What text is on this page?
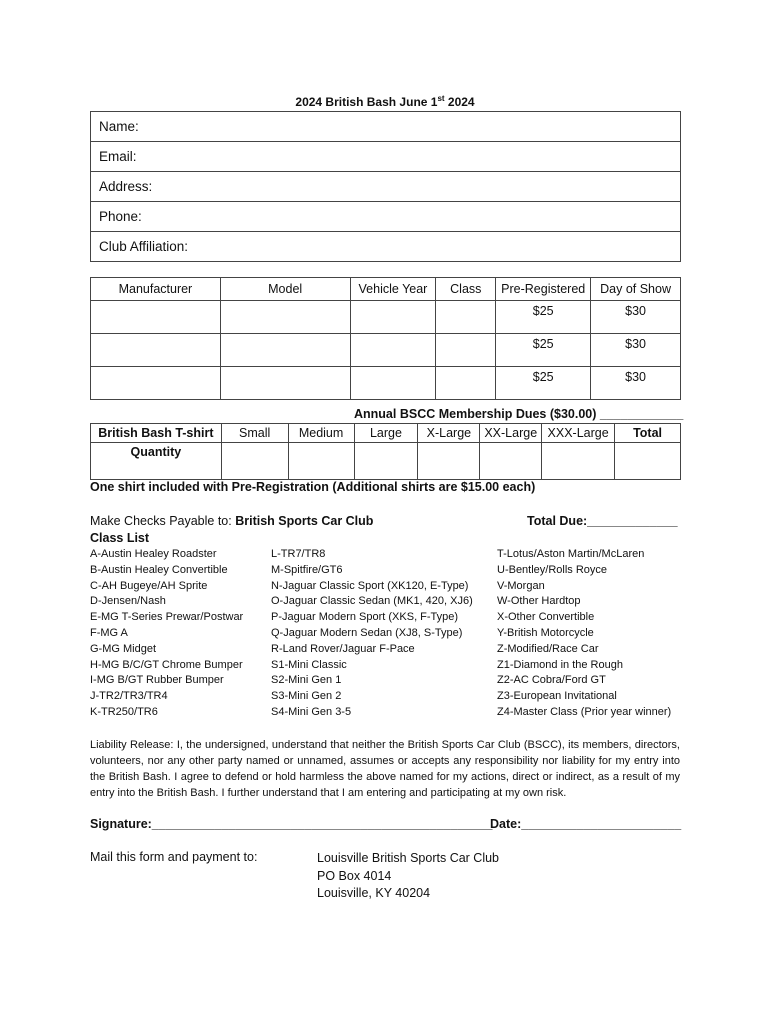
2024 British Bash June 1st 2024
Name:
Email:
Address:
Phone:
Club Affiliation:
Manufacturer	Model	Vehicle Year	Class	Pre-Registered	Day of Show
				$25	$30
				$25	$30
				$25	$30
Annual BSCC Membership Dues ($30.00) ____________
British Bash T-shirt	Small	Medium	Large	X-Large	XX-Large	XXX-Large	Total
Quantity							
One shirt included with Pre-Registration (Additional shirts are $15.00 each)
Make Checks Payable to: British Sports Car Club	Total Due:_____________
Class List
A-Austin Healey Roadster
B-Austin Healey Convertible
C-AH Bugeye/AH Sprite
D-Jensen/Nash
E-MG T-Series Prewar/Postwar
F-MG A
G-MG Midget
H-MG B/C/GT Chrome Bumper
I-MG B/GT Rubber Bumper
J-TR2/TR3/TR4
K-TR250/TR6
L-TR7/TR8
M-Spitfire/GT6
N-Jaguar Classic Sport (XK120, E-Type)
O-Jaguar Classic Sedan (MK1, 420, XJ6)
P-Jaguar Modern Sport (XKS, F-Type)
Q-Jaguar Modern Sedan (XJ8, S-Type)
R-Land Rover/Jaguar F-Pace
S1-Mini Classic
S2-Mini Gen 1
S3-Mini Gen 2
S4-Mini Gen 3-5
T-Lotus/Aston Martin/McLaren
U-Bentley/Rolls Royce
V-Morgan
W-Other Hardtop
X-Other Convertible
Y-British Motorcycle
Z-Modified/Race Car
Z1-Diamond in the Rough
Z2-AC Cobra/Ford GT
Z3-European Invitational
Z4-Master Class (Prior year winner)
Liability Release: I, the undersigned, understand that neither the British Sports Car Club (BSCC), its members, directors, volunteers, nor any other party named or unnamed, assumes or accepts any responsibility nor liability for my entry into the British Bash. I agree to defend or hold harmless the above named for my actions, direct or indirect, as a result of my entry into the British Bash. I further understand that I am entering and participating at my own risk.
Signature:_________________________________________________
Date:_______________________
Mail this form and payment to:	Louisville British Sports Car Club
PO Box 4014
Louisville, KY 40204
